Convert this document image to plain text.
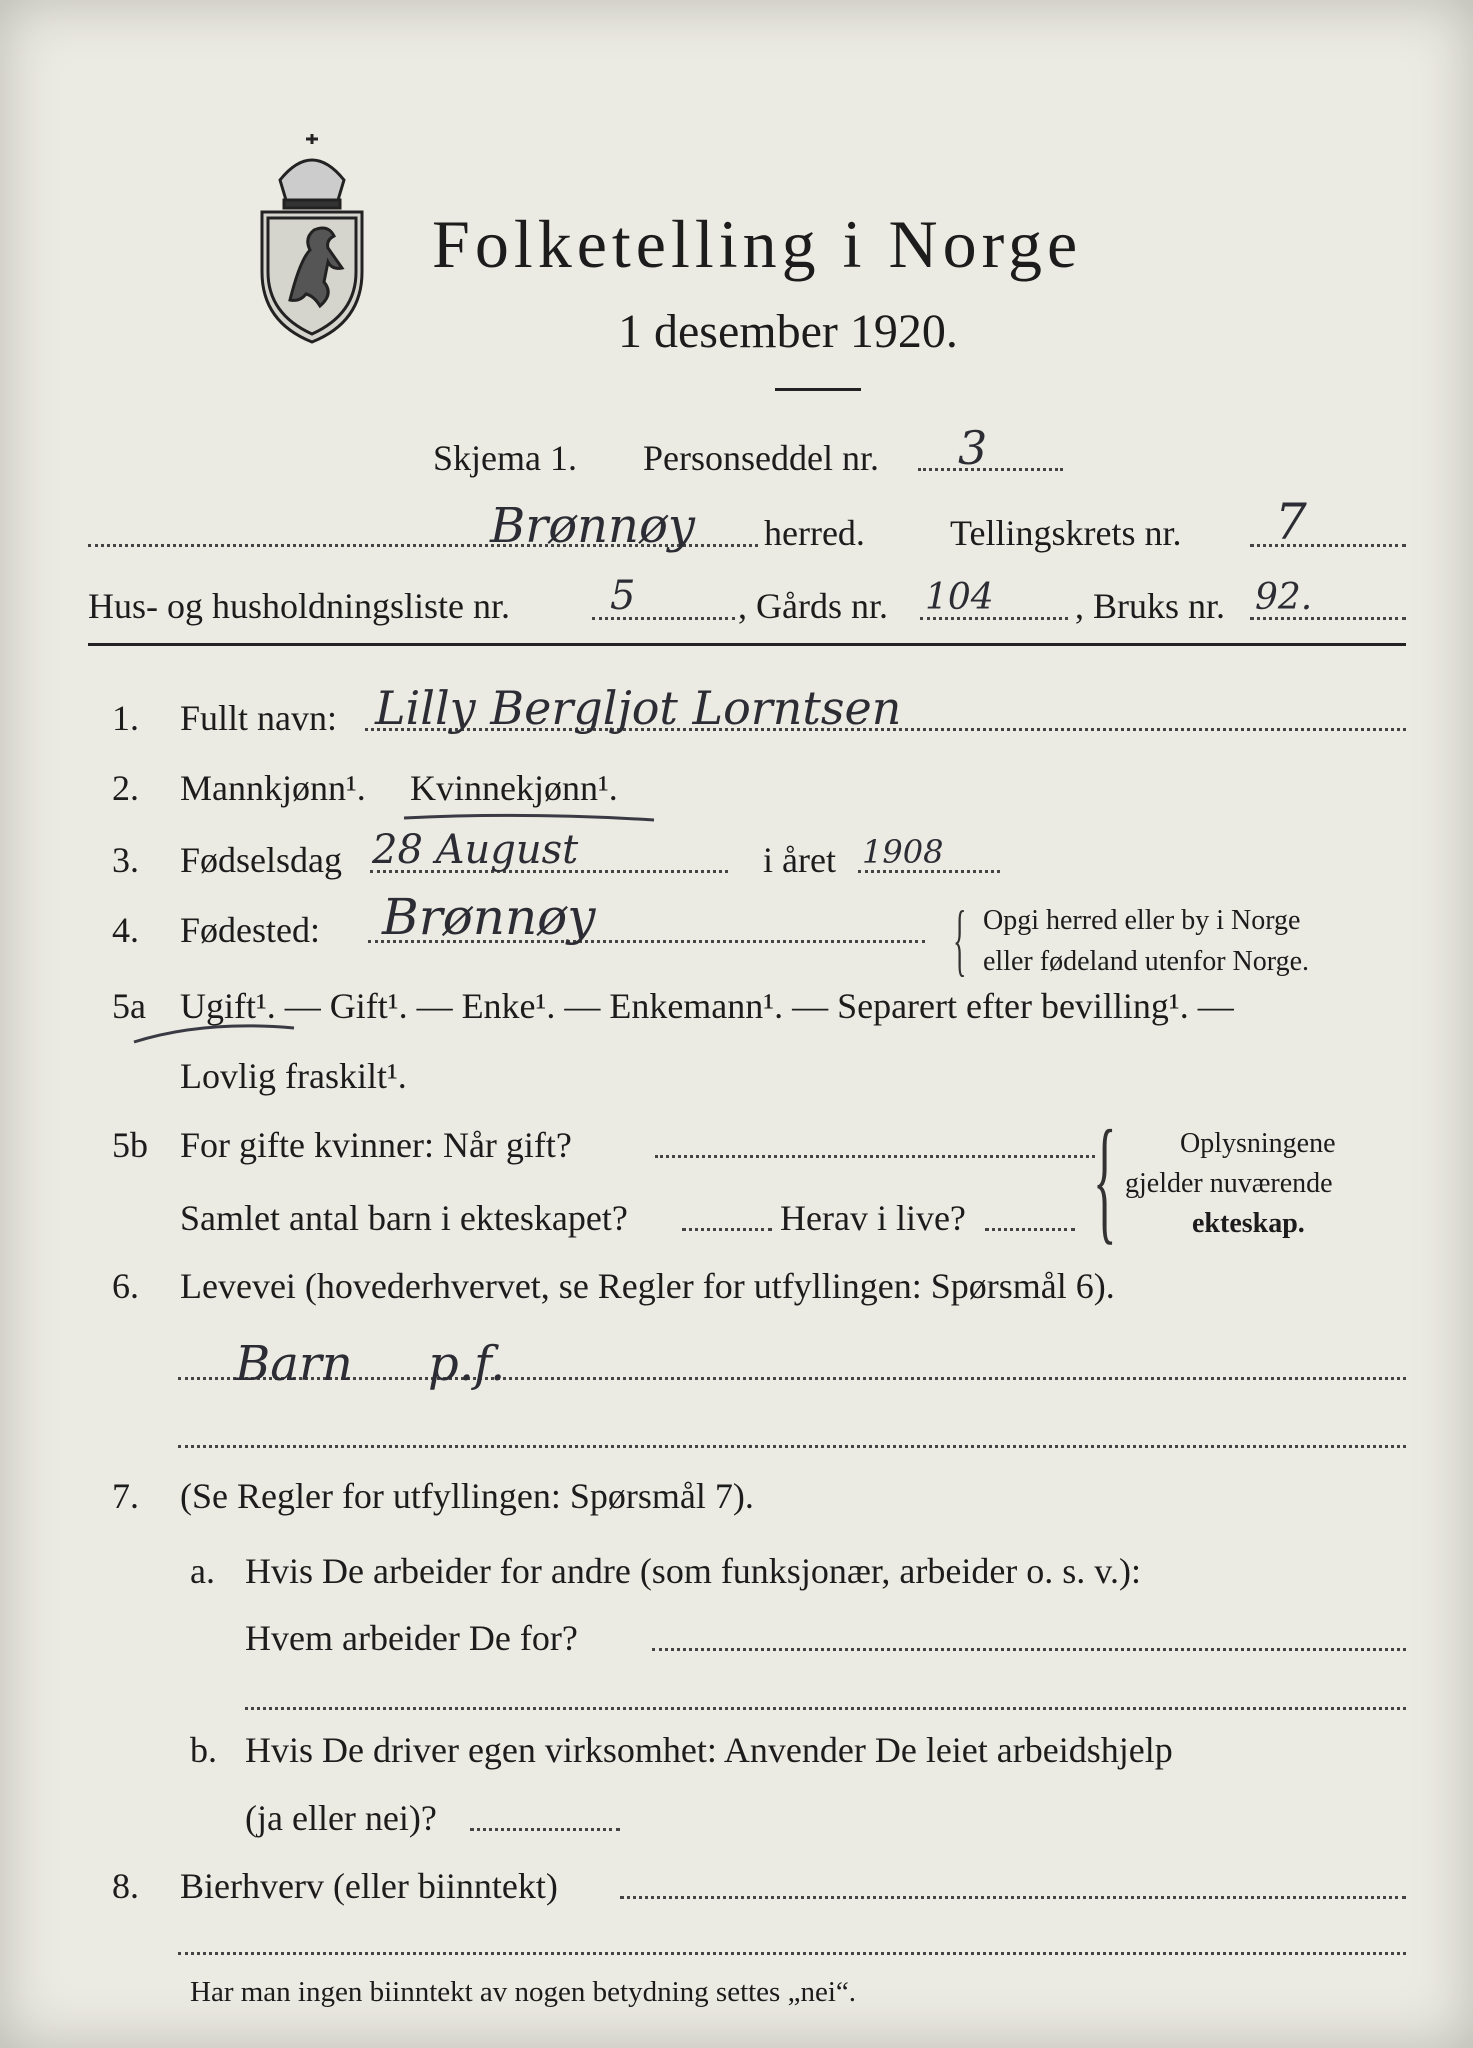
Folketelling i Norge
1 desember 1920.
Skjema 1. Personseddel nr. 3
Brønnøy herred. Tellingskrets nr. 7
Hus- og husholdningsliste nr. 5	, Gårds nr. 104 , Bruks nr. 92.
1. Fullt navn: Lilly Bergljot Lorntsen
2. Mannkjønn¹. Kvinnekjønn¹.
3. Fødselsdag 28 August	i året 1908
4. Fødested: Brønnøy	{ Opgi herred eller by i Norge
eller fødeland utenfor Norge.
5a Ugift¹. — Gift¹. — Enke¹. — Enkemann¹. — Separert efter bevilling¹. —
Lovlig fraskilt¹.
5b For gifte kvinner: Når gift?
Samlet antal barn i ekteskapet?	Herav i live? { Oplysningene
gjelder nuværende
ekteskap.
6. Levevei (hovederhvervet, se Regler for utfyllingen: Spørsmål 6).
Barn p.f.
7. (Se Regler for utfyllingen: Spørsmål 7).
a. Hvis De arbeider for andre (som funksjonær, arbeider o. s. v.):
Hvem arbeider De for?
b. Hvis De driver egen virksomhet: Anvender De leiet arbeidshjelp
(ja eller nei)?
8. Bierhverv (eller biinntekt)
Har man ingen biinntekt av nogen betydning settes „nei“.
